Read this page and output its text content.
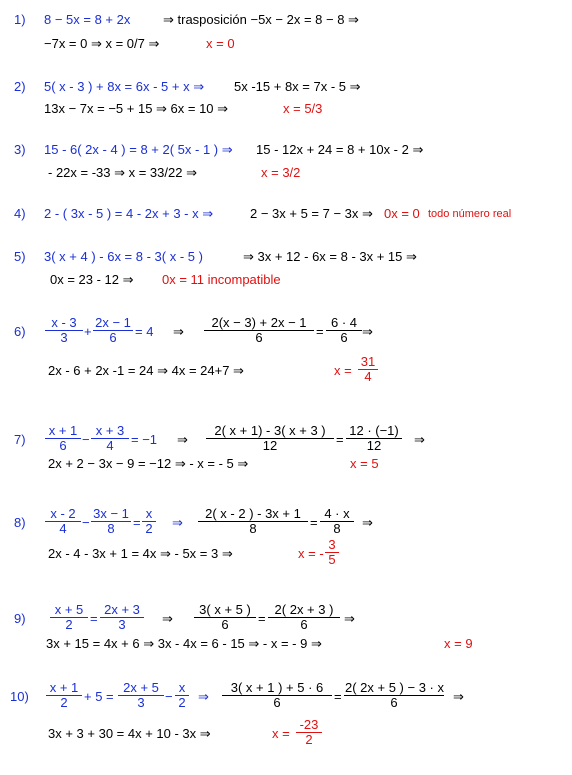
1) 8 − 5x = 8 + 2x	⇒ trasposición −5x − 2x = 8 − 8 ⇒
−7x = 0 ⇒ x = 0/7 ⇒	x = 0
2) 5( x - 3 ) + 8x = 6x - 5 + x ⇒ 5x -15 + 8x = 7x - 5 ⇒
13x − 7x = −5 + 15 ⇒ 6x = 10 ⇒	x = 5/3
3) 15 - 6( 2x - 4 ) = 8 + 2( 5x - 1 ) ⇒ 15 - 12x + 24 = 8 + 10x - 2 ⇒
- 22x = -33 ⇒ x = 33/22 ⇒	x = 3/2
4) 2 - ( 3x - 5 ) = 4 - 2x + 3 - x ⇒	2 − 3x + 5 = 7 − 3x ⇒ 0x = 0 todo número real
5) 3( x + 4 ) - 6x = 8 - 3( x - 5 )	⇒ 3x + 12 - 6x = 8 - 3x + 15 ⇒
0x = 23 - 12 ⇒ 0x = 11 incompatible
$6) \frac{x - 3}{3} + \frac{2x - 1}{6} = 4$ ⇒ $\frac{2(x - 3) + 2x - 1}{6} = \frac{6 \cdot 4}{6}$ ⇒
2x - 6 + 2x -1 = 24 ⇒ 4x = 24+7 ⇒	$x = \frac{31}{4}$
$7) \frac{x + 1}{6} - \frac{x + 3}{4} = -1$ ⇒ $\frac{2( x + 1) - 3( x + 3 )}{12} = \frac{12 \cdot (-1)}{12}$ ⇒
2x + 2 − 3x − 9 = −12 ⇒ - x = - 5 ⇒	x = 5
$8) \frac{x - 2}{4} - \frac{3x - 1}{8} = \frac{x}{2}$ ⇒ $\frac{2( x - 2 ) - 3x + 1}{8} = \frac{4 \cdot x}{8}$ ⇒
2x - 4 - 3x + 1 = 4x ⇒ - 5x = 3 ⇒	x = - $\frac{3}{5}$
$9) \frac{x + 5}{2} = \frac{2x + 3}{3}$ ⇒ $\frac{3( x + 5 )}{6} = \frac{2( 2x + 3 )}{6}$ ⇒
3x + 15 = 4x + 6 ⇒ 3x - 4x = 6 - 15 ⇒ - x = - 9 ⇒	x = 9
$10) \frac{x + 1}{2} + 5 = \frac{2x + 5}{3} - \frac{x}{2}$ ⇒ $\frac{3( x + 1 ) + 5 \cdot 6}{6} = \frac{2( 2x + 5 ) - 3 \cdot x}{6}$ ⇒
3x + 3 + 30 = 4x + 10 - 3x ⇒	$x = \frac{-23}{2}$
